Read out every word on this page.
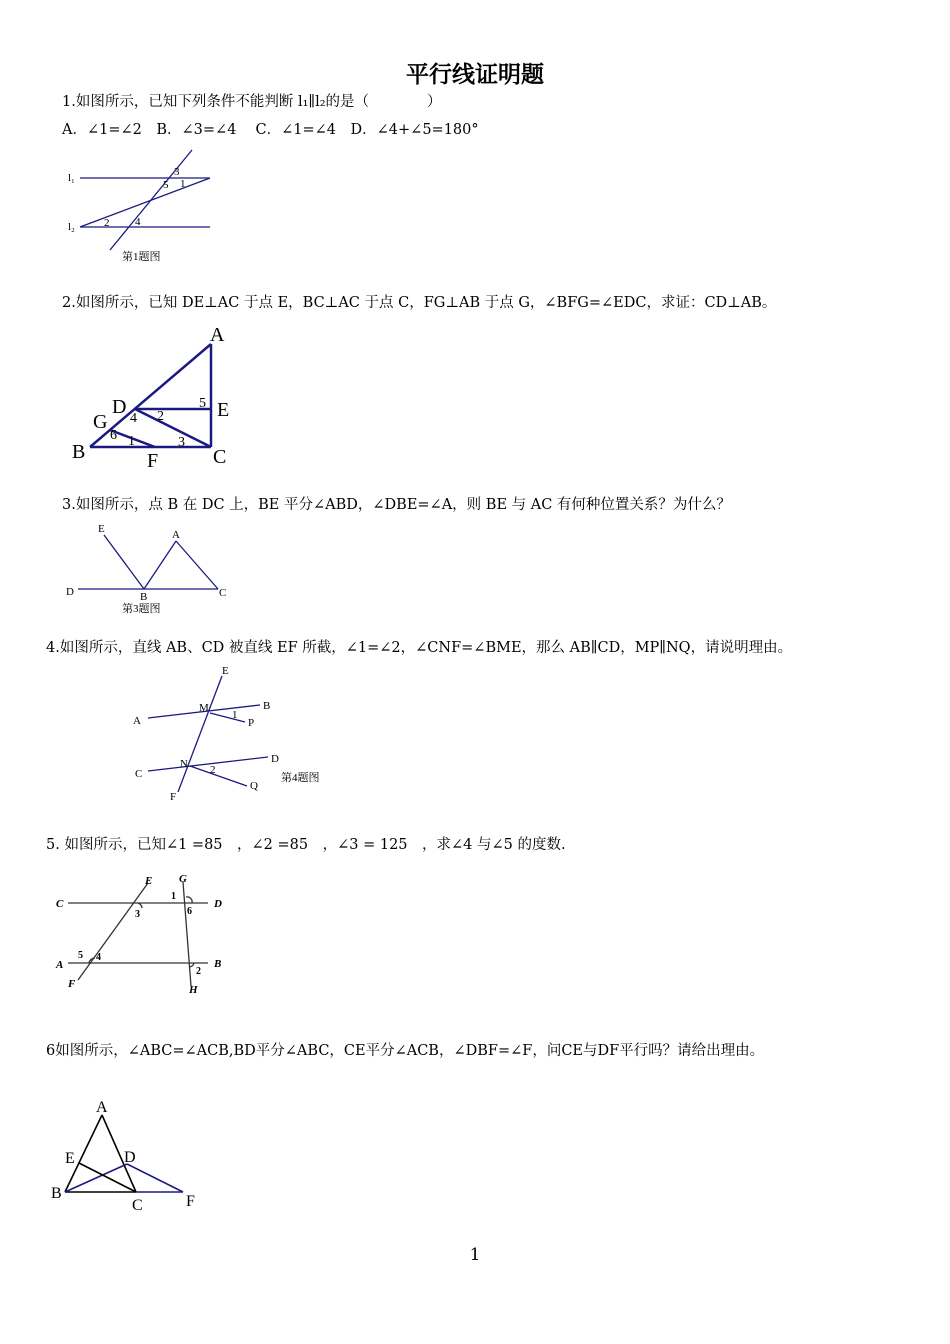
平行线证明题
1.如图所示，已知下列条件不能判断 l₁∥l₂的是（　　　　）
A．∠1=∠2　B．∠3=∠4　 C．∠1=∠4　D．∠4+∠5=180°
l₁
l₂
3
5 1
2 4
第1题图
2.如图所示，已知 DE⊥AC 于点 E，BC⊥AC 于点 C，FG⊥AB 于点 G，∠BFG=∠EDC，求证：CD⊥AB。
A
B	C
D	E
F
G
1
2
3
4
5
6
3.如图所示，点 B 在 DC 上，BE 平分∠ABD，∠DBE=∠A，则 BE 与 AC 有何种位置关系？为什么？
E	A
D	B	C
第3题图
4.如图所示，直线 AB、CD 被直线 EF 所截，∠1=∠2，∠CNF=∠BME，那么 AB∥CD，MP∥NQ，请说明理由。
E
A
B
M
1
P
C
D
N 2
Q
F
第4题图
5. 如图所示，已知∠1 =85　，∠2 =85　，∠3 = 125　，求∠4 与∠5 的度数.
C	D
A	B
E
F
G
H
1
2
3
4
5
6
6如图所示，∠ABC=∠ACB,BD平分∠ABC，CE平分∠ACB，∠DBF=∠F，问CE与DF平行吗？请给出理由。
A
E	D
B
C	F
1
